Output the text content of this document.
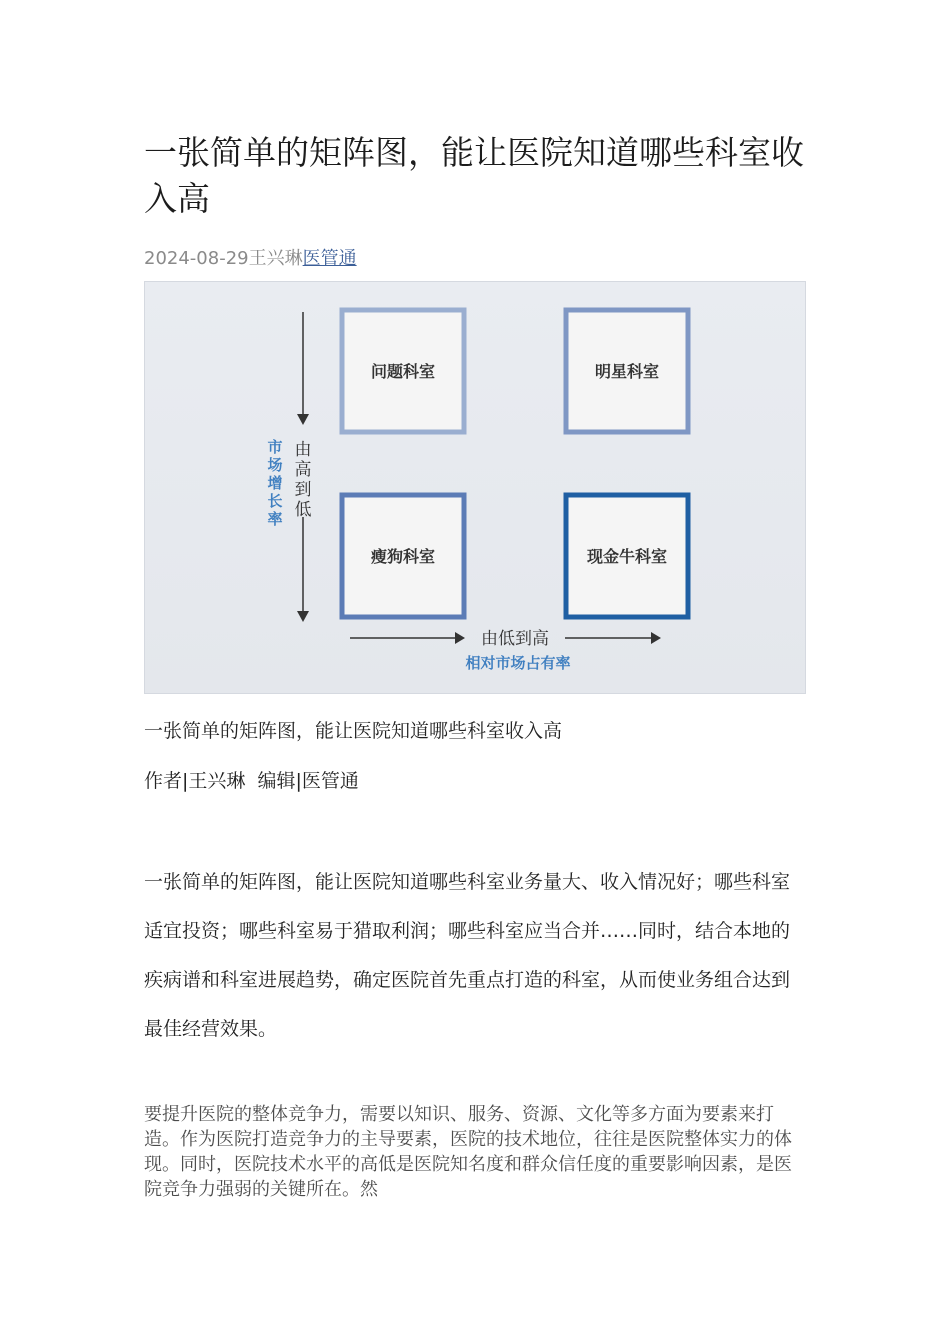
一张简单的矩阵图，能让医院知道哪些科室收入高
2024-08-29王兴琳医管通
问题科室	明星科室
瘦狗科室	现金牛科室
由高到低
市场增长率
由低到高
相对市场占有率
一张简单的矩阵图，能让医院知道哪些科室收入高
作者|王兴琳 编辑|医管通
一张简单的矩阵图，能让医院知道哪些科室业务量大、收入情况好；哪些科室适宜投资；哪些科室易于猎取利润；哪些科室应当合并……同时，结合本地的疾病谱和科室进展趋势，确定医院首先重点打造的科室，从而使业务组合达到最佳经营效果。
要提升医院的整体竞争力，需要以知识、服务、资源、文化等多方面为要素来打造。作为医院打造竞争力的主导要素，医院的技术地位，往往是医院整体实力的体现。同时，医院技术水平的高低是医院知名度和群众信任度的重要影响因素，是医院竞争力强弱的关键所在。然
